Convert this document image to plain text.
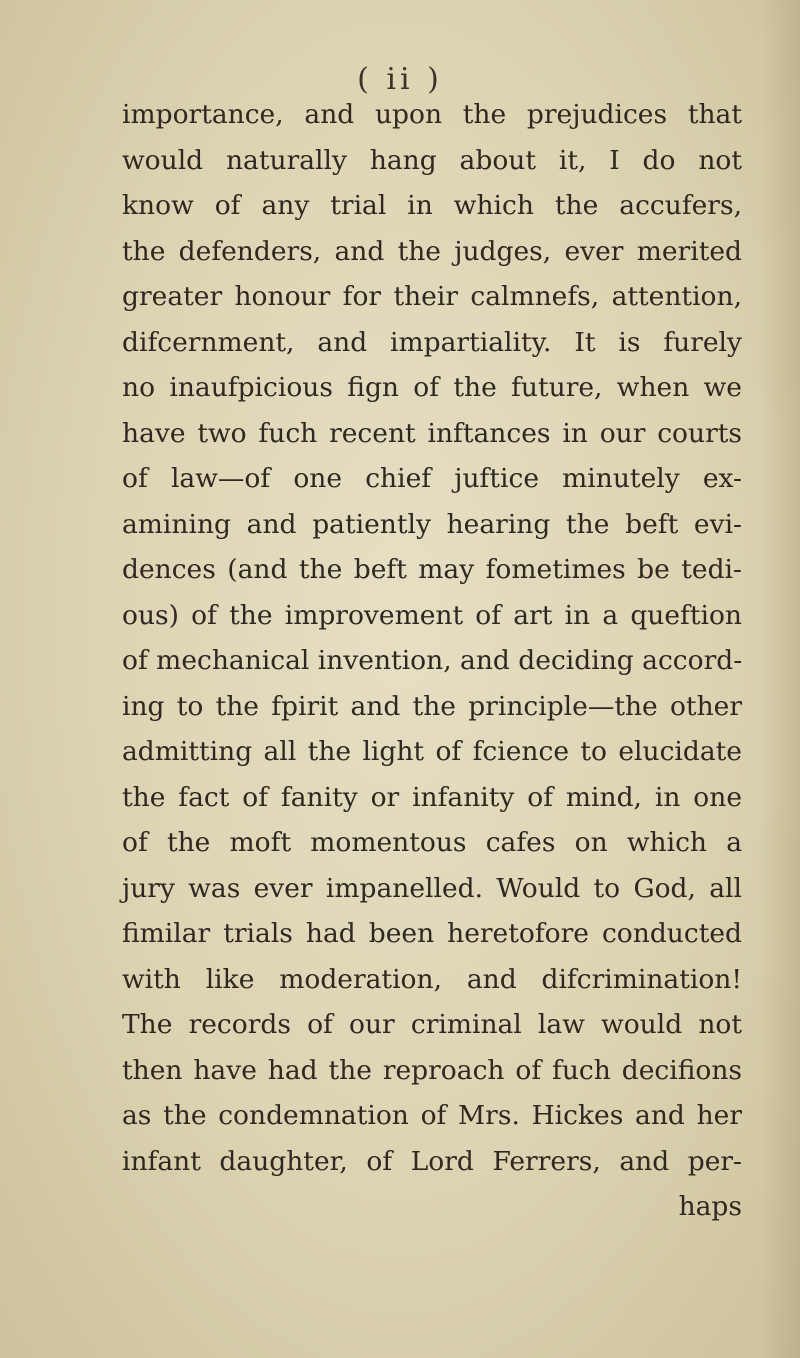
( ii )
importance, and upon the prejudices that
would naturally hang about it, I do not
know of any trial in which the accufers,
the defenders, and the judges, ever merited
greater honour for their calmnefs, attention,
difcernment, and impartiality. It is furely
no inaufpicious fign of the future, when we
have two fuch recent inftances in our courts
of law—of one chief juftice minutely ex-
amining and patiently hearing the beft evi-
dences (and the beft may fometimes be tedi-
ous) of the improvement of art in a queftion
of mechanical invention, and deciding accord-
ing to the fpirit and the principle—the other
admitting all the light of fcience to elucidate
the fact of fanity or infanity of mind, in one
of the moft momentous cafes on which a
jury was ever impanelled. Would to God, all
fimilar trials had been heretofore conducted
with like moderation, and difcrimination!
The records of our criminal law would not
then have had the reproach of fuch decifions
as the condemnation of Mrs. Hickes and her
infant daughter, of Lord Ferrers, and per-
haps
